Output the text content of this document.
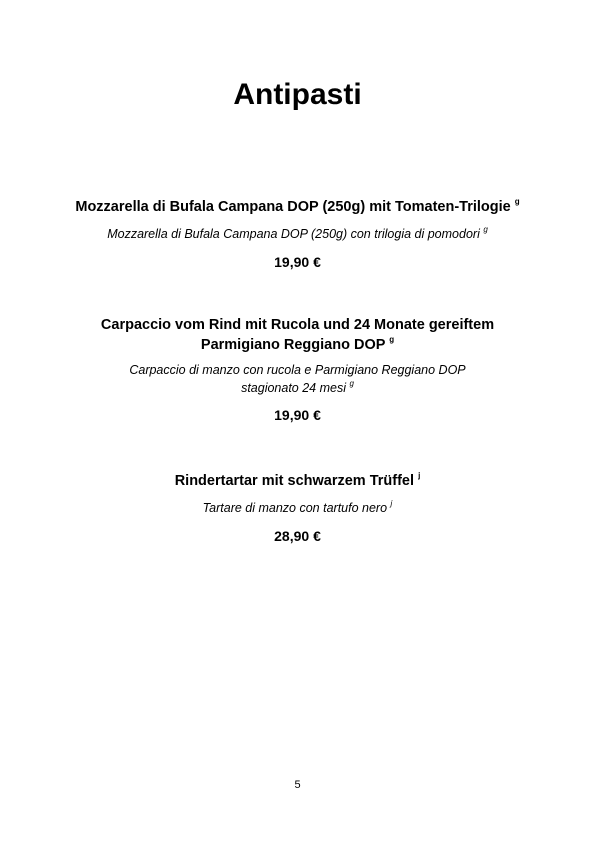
Antipasti
Mozzarella di Bufala Campana DOP (250g) mit Tomaten-Trilogie $^g$
Mozzarella di Bufala Campana DOP (250g) con trilogia di pomodori $^g$
19,90 €
Carpaccio vom Rind mit Rucola und 24 Monate gereiftem
Parmigiano Reggiano DOP $^g$
Carpaccio di manzo con rucola e Parmigiano Reggiano DOP
stagionato 24 mesi $^g$
19,90 €
Rindertartar mit schwarzem Trüffel $^j$
Tartare di manzo con tartufo nero $^j$
28,90 €
5
